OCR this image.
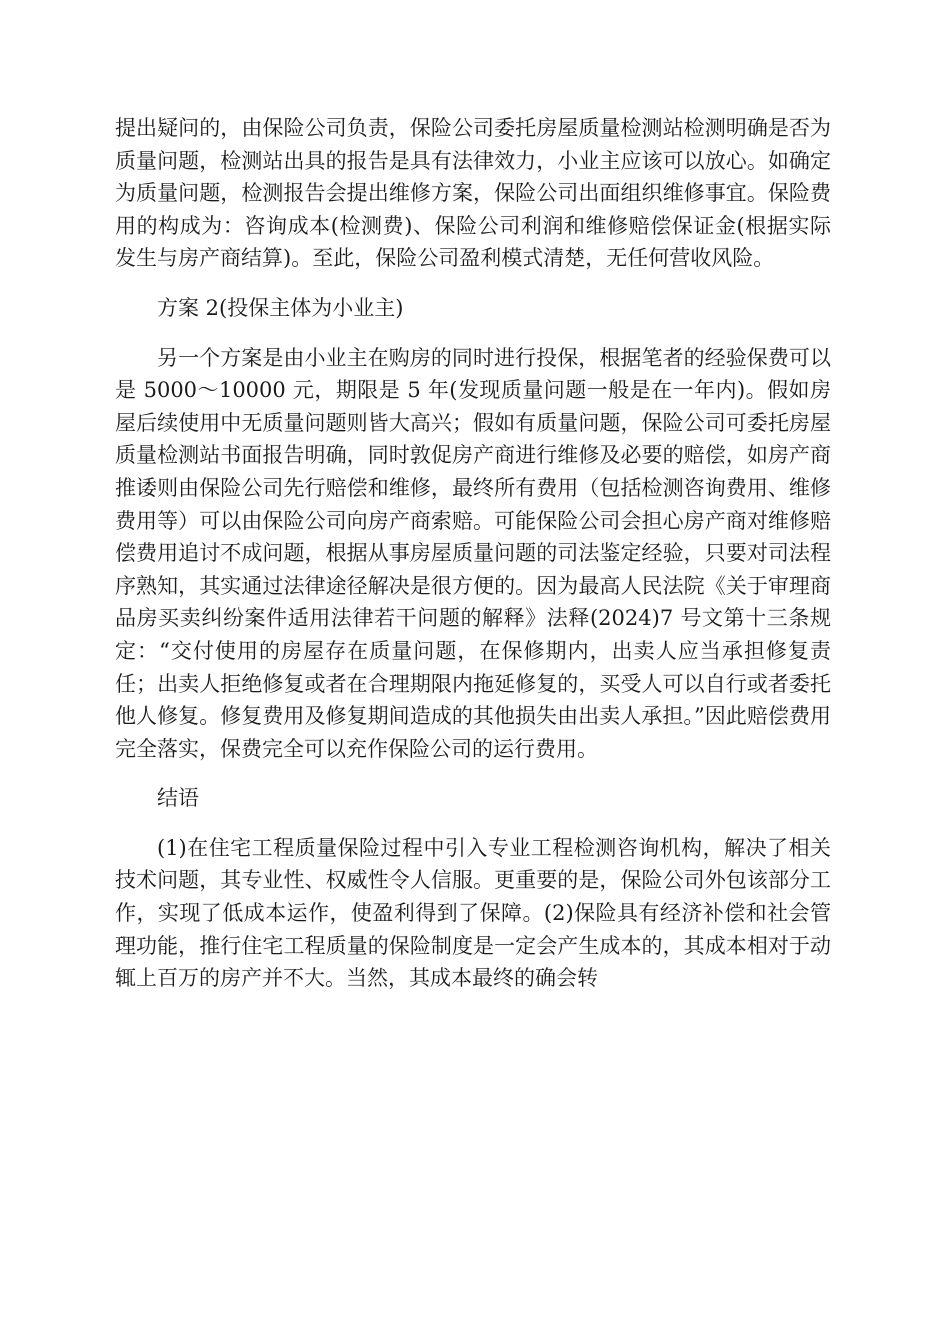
提出疑问的，由保险公司负责，保险公司委托房屋质量检测站检测明确是否为质量问题，检测站出具的报告是具有法律效力，小业主应该可以放心。如确定为质量问题，检测报告会提出维修方案，保险公司出面组织维修事宜。保险费用的构成为：咨询成本(检测费)、保险公司利润和维修赔偿保证金(根据实际发生与房产商结算)。至此，保险公司盈利模式清楚，无任何营收风险。

方案 2(投保主体为小业主)

另一个方案是由小业主在购房的同时进行投保，根据笔者的经验保费可以是 5000～10000 元，期限是 5 年(发现质量问题一般是在一年内)。假如房屋后续使用中无质量问题则皆大高兴；假如有质量问题，保险公司可委托房屋质量检测站书面报告明确，同时敦促房产商进行维修及必要的赔偿，如房产商推诿则由保险公司先行赔偿和维修，最终所有费用（包括检测咨询费用、维修费用等）可以由保险公司向房产商索赔。可能保险公司会担心房产商对维修赔偿费用追讨不成问题，根据从事房屋质量问题的司法鉴定经验，只要对司法程序熟知，其实通过法律途径解决是很方便的。因为最高人民法院《关于审理商品房买卖纠纷案件适用法律若干问题的解释》法释(2024)7 号文第十三条规定：“交付使用的房屋存在质量问题，在保修期内，出卖人应当承担修复责任；出卖人拒绝修复或者在合理期限内拖延修复的，买受人可以自行或者委托他人修复。修复费用及修复期间造成的其他损失由出卖人承担。”因此赔偿费用完全落实，保费完全可以充作保险公司的运行费用。

结语

(1)在住宅工程质量保险过程中引入专业工程检测咨询机构，解决了相关技术问题，其专业性、权威性令人信服。更重要的是，保险公司外包该部分工作，实现了低成本运作，使盈利得到了保障。(2)保险具有经济补偿和社会管理功能，推行住宅工程质量的保险制度是一定会产生成本的，其成本相对于动辄上百万的房产并不大。当然，其成本最终的确会转
